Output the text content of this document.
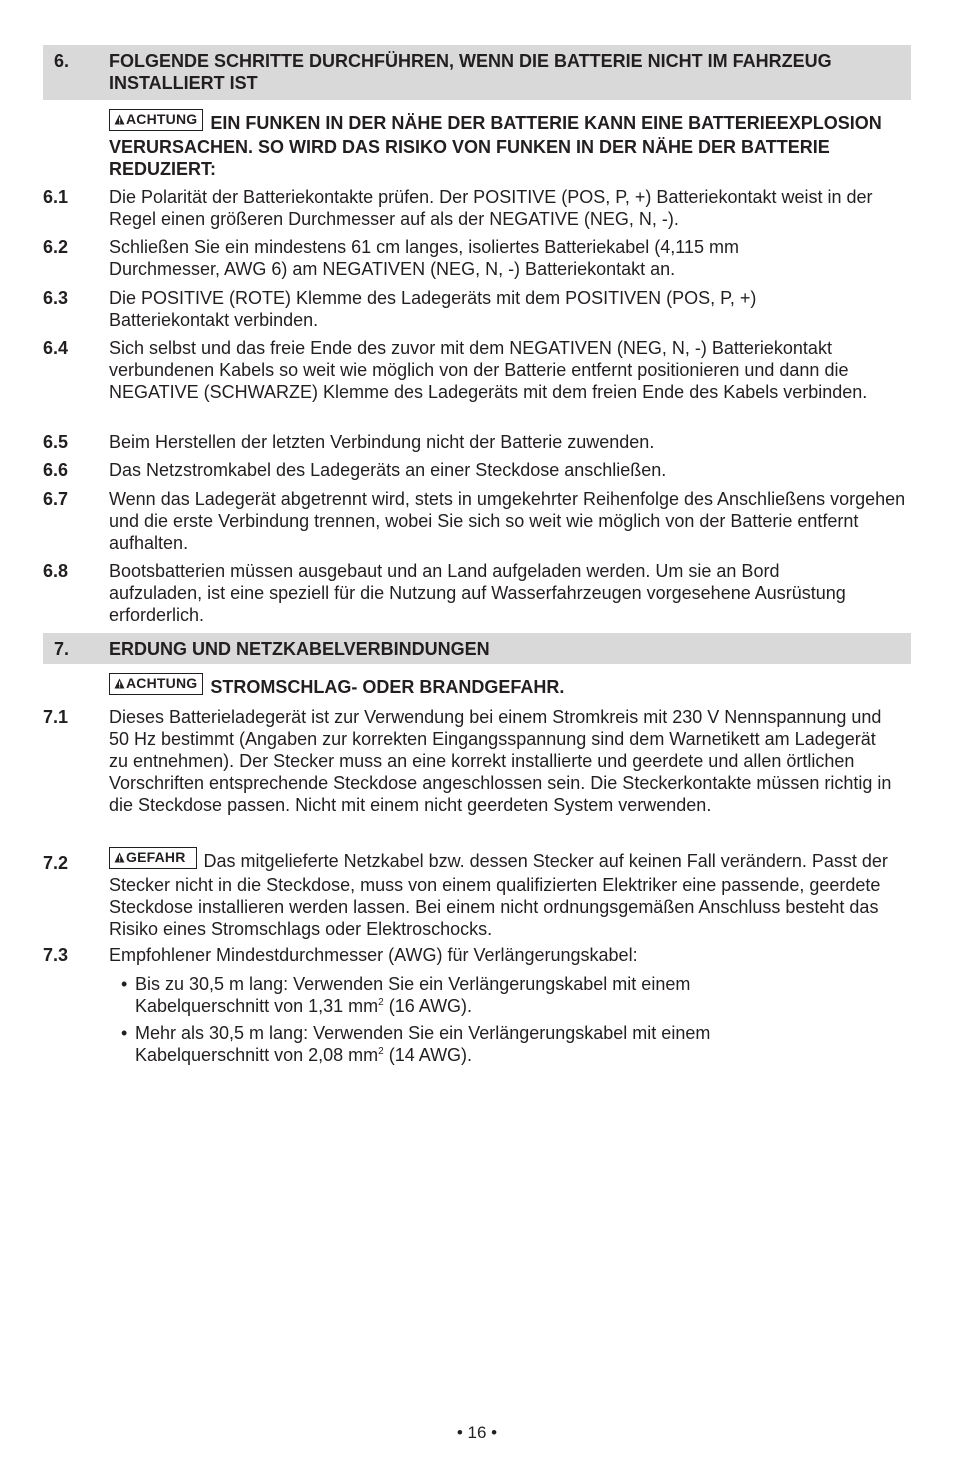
6. FOLGENDE SCHRITTE DURCHFÜHREN, WENN DIE BATTERIE NICHT IM FAHRZEUG INSTALLIERT IST
ACHTUNG EIN FUNKEN IN DER NÄHE DER BATTERIE KANN EINE BATTERIEEXPLOSION VERURSACHEN. SO WIRD DAS RISIKO VON FUNKEN IN DER NÄHE DER BATTERIE REDUZIERT:
6.1 Die Polarität der Batteriekontakte prüfen. Der POSITIVE (POS, P, +) Batteriekontakt weist in der Regel einen größeren Durchmesser auf als der NEGATIVE (NEG, N, -).
6.2 Schließen Sie ein mindestens 61 cm langes, isoliertes Batteriekabel (4,115 mm Durchmesser, AWG 6) am NEGATIVEN (NEG, N, -) Batteriekontakt an.
6.3 Die POSITIVE (ROTE) Klemme des Ladegeräts mit dem POSITIVEN (POS, P, +) Batteriekontakt verbinden.
6.4 Sich selbst und das freie Ende des zuvor mit dem NEGATIVEN (NEG, N, -) Batteriekontakt verbundenen Kabels so weit wie möglich von der Batterie entfernt positionieren und dann die NEGATIVE (SCHWARZE) Klemme des Ladegeräts mit dem freien Ende des Kabels verbinden.
6.5 Beim Herstellen der letzten Verbindung nicht der Batterie zuwenden.
6.6 Das Netzstromkabel des Ladegeräts an einer Steckdose anschließen.
6.7 Wenn das Ladegerät abgetrennt wird, stets in umgekehrter Reihenfolge des Anschließens vorgehen und die erste Verbindung trennen, wobei Sie sich so weit wie möglich von der Batterie entfernt aufhalten.
6.8 Bootsbatterien müssen ausgebaut und an Land aufgeladen werden. Um sie an Bord aufzuladen, ist eine speziell für die Nutzung auf Wasserfahrzeugen vorgesehene Ausrüstung erforderlich.
7. ERDUNG UND NETZKABELVERBINDUNGEN
ACHTUNG STROMSCHLAG- ODER BRANDGEFAHR.
7.1 Dieses Batterieladegerät ist zur Verwendung bei einem Stromkreis mit 230 V Nennspannung und 50 Hz bestimmt (Angaben zur korrekten Eingangsspannung sind dem Warnetikett am Ladegerät zu entnehmen). Der Stecker muss an eine korrekt installierte und geerdete und allen örtlichen Vorschriften entsprechende Steckdose angeschlossen sein. Die Steckerkontakte müssen richtig in die Steckdose passen. Nicht mit einem nicht geerdeten System verwenden.
7.2	GEFAHR Das mitgelieferte Netzkabel bzw. dessen Stecker auf keinen Fall verändern. Passt der Stecker nicht in die Steckdose, muss von einem qualifizierten Elektriker eine passende, geerdete Steckdose installieren werden lassen. Bei einem nicht ordnungsgemäßen Anschluss besteht das Risiko eines Stromschlags oder Elektroschocks.
7.3 Empfohlener Mindestdurchmesser (AWG) für Verlängerungskabel:
• Bis zu 30,5 m lang: Verwenden Sie ein Verlängerungskabel mit einem
Kabelquerschnitt von 1,31 $mm^2$ (16 AWG).
• Mehr als 30,5 m lang: Verwenden Sie ein Verlängerungskabel mit einem
Kabelquerschnitt von 2,08 $mm^2$ (14 AWG).
• 16 •
